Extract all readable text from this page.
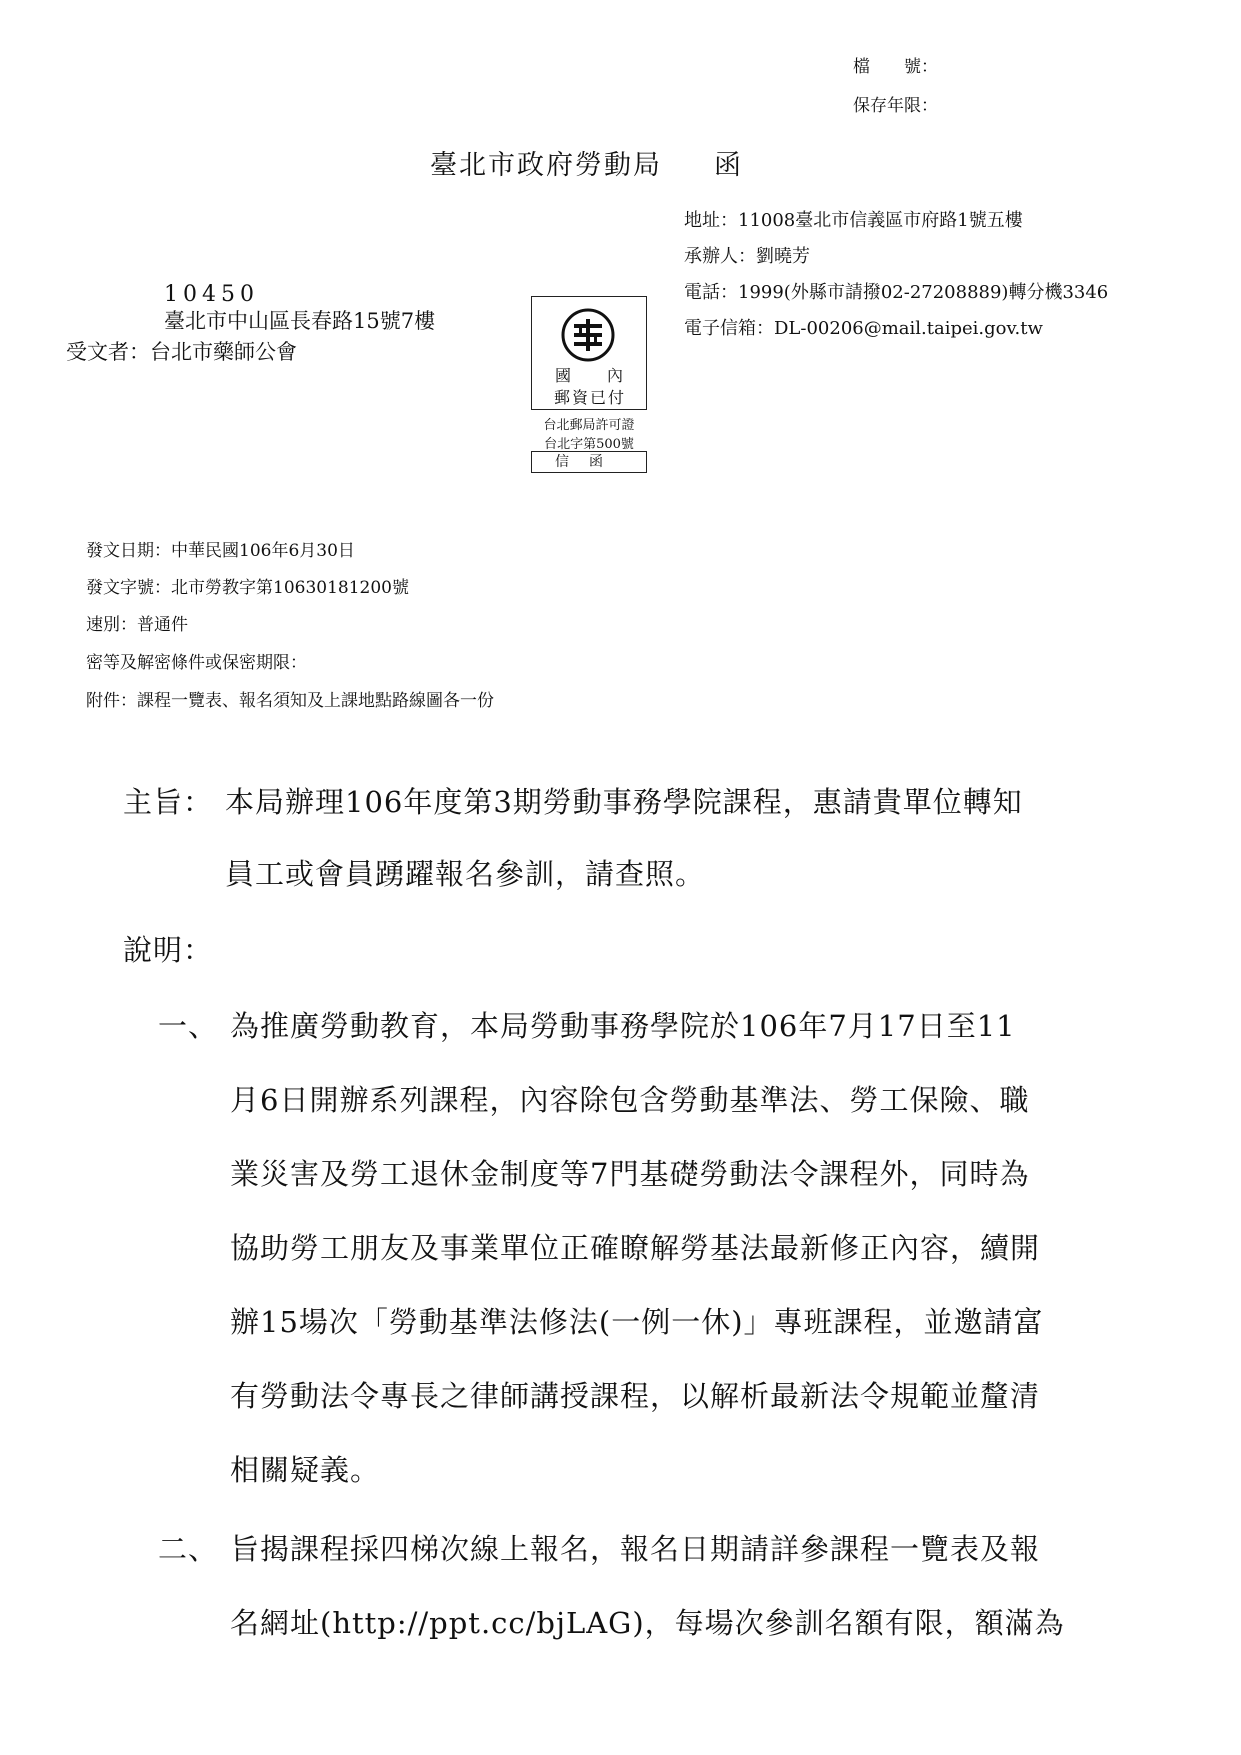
檔　　號：
保存年限：
臺北市政府勞動局 函
地址：11008臺北市信義區市府路1號五樓
承辦人：劉曉芳
電話：1999(外縣市請撥02-27208889)轉分機3346
電子信箱：DL-00206@mail.taipei.gov.tw
10450
臺北市中山區長春路15號7樓
受文者：台北市藥師公會
國 內
郵資已付
台北郵局許可證
台北字第500號
信函
發文日期：中華民國106年6月30日
發文字號：北市勞教字第10630181200號
速別：普通件
密等及解密條件或保密期限：
附件：課程一覽表、報名須知及上課地點路線圖各一份
主旨： 本局辦理106年度第3期勞動事務學院課程，惠請貴單位轉知
員工或會員踴躍報名參訓，請查照。
說明：
一、 為推廣勞動教育，本局勞動事務學院於106年7月17日至11
月6日開辦系列課程，內容除包含勞動基準法、勞工保險、職
業災害及勞工退休金制度等7門基礎勞動法令課程外，同時為
協助勞工朋友及事業單位正確瞭解勞基法最新修正內容，續開
辦15場次「勞動基準法修法(一例一休)」專班課程，並邀請富
有勞動法令專長之律師講授課程，以解析最新法令規範並釐清
相關疑義。
二、 旨揭課程採四梯次線上報名，報名日期請詳參課程一覽表及報
名網址(http://ppt.cc/bjLAG)，每場次參訓名額有限，額滿為
